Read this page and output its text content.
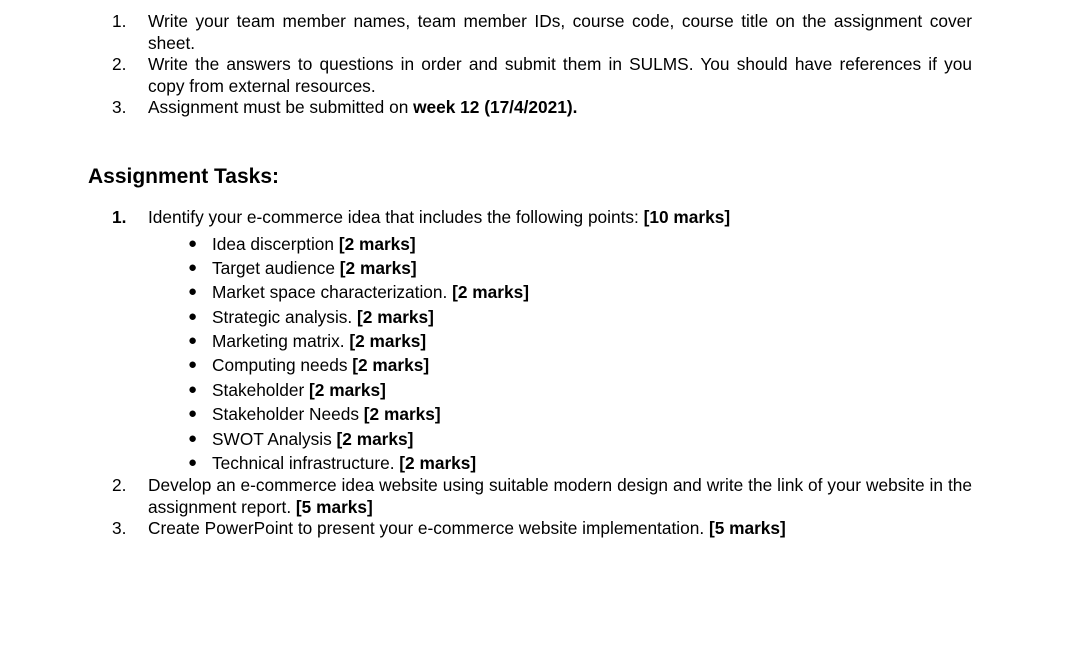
1. Write your team member names, team member IDs, course code, course title on the assignment cover sheet.
2. Write the answers to questions in order and submit them in SULMS. You should have references if you copy from external resources.
3. Assignment must be submitted on week 12 (17/4/2021).
Assignment Tasks:
1. Identify your e-commerce idea that includes the following points: [10 marks]
● Idea discerption [2 marks]
● Target audience [2 marks]
● Market space characterization. [2 marks]
● Strategic analysis. [2 marks]
● Marketing matrix. [2 marks]
● Computing needs [2 marks]
● Stakeholder [2 marks]
● Stakeholder Needs [2 marks]
● SWOT Analysis [2 marks]
● Technical infrastructure. [2 marks]
2. Develop an e-commerce idea website using suitable modern design and write the link of your website in the assignment report. [5 marks]
3. Create PowerPoint to present your e-commerce website implementation. [5 marks]
